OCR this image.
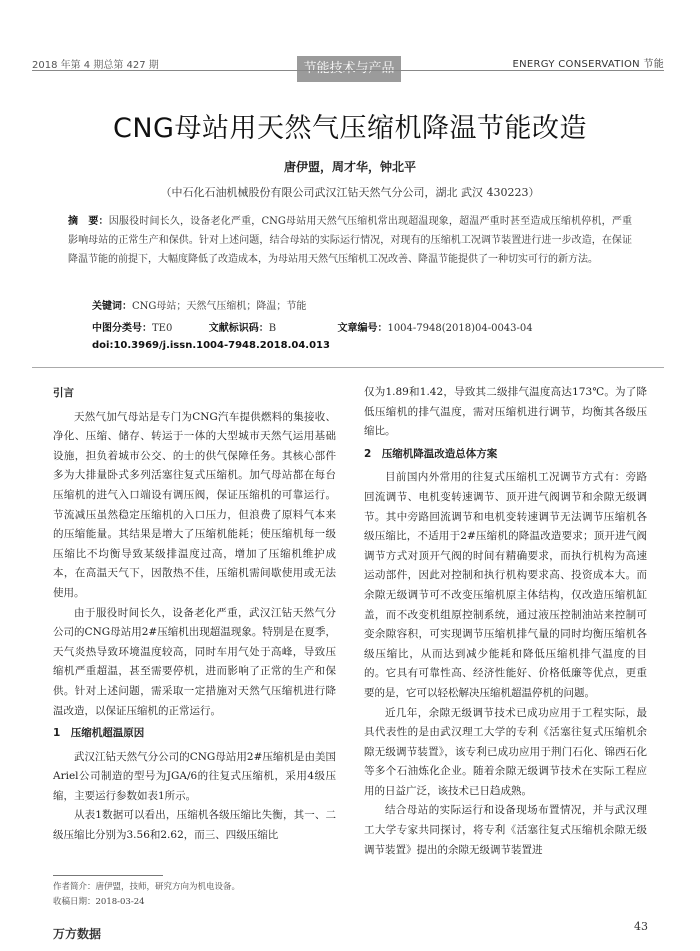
2018 年第 4 期总第 427 期	节能技术与产品	ENERGY CONSERVATION 节能
CNG母站用天然气压缩机降温节能改造
唐伊盟，周才华，钟北平
（中石化石油机械股份有限公司武汉江钻天然气分公司，湖北 武汉 430223）
摘　要：因服役时间长久，设备老化严重，CNG母站用天然气压缩机常出现超温现象，超温严重时甚至造成压缩机停机，严重影响母站的正常生产和保供。针对上述问题，结合母站的实际运行情况，对现有的压缩机工况调节装置进行进一步改造，在保证降温节能的前提下，大幅度降低了改造成本，为母站用天然气压缩机工况改善、降温节能提供了一种切实可行的新方法。
关键词：CNG母站；天然气压缩机；降温；节能
中图分类号：TE0	文献标识码：B	文章编号：1004-7948(2018)04-0043-04
doi:10.3969/j.issn.1004-7948.2018.04.013
引言

天然气加气母站是专门为CNG汽车提供燃料的集接收、净化、压缩、储存、转运于一体的大型城市天然气运用基础设施，担负着城市公交、的士的供气保障任务。其核心部件多为大排量卧式多列活塞往复式压缩机。加气母站都在每台压缩机的进气入口端设有调压阀，保证压缩机的可靠运行。节流减压虽然稳定压缩机的入口压力，但浪费了原料气本来的压缩能量。其结果是增大了压缩机能耗；使压缩机每一级压缩比不均衡导致某级排温度过高，增加了压缩机维护成本，在高温天气下，因散热不佳，压缩机需间歇使用或无法使用。

由于服役时间长久，设备老化严重，武汉江钻天然气分公司的CNG母站用2#压缩机出现超温现象。特别是在夏季，天气炎热导致环境温度较高，同时车用气处于高峰，导致压缩机严重超温，甚至需要停机，进而影响了正常的生产和保供。针对上述问题，需采取一定措施对天然气压缩机进行降温改造，以保证压缩机的正常运行。

1　压缩机超温原因

武汉江钻天然气分公司的CNG母站用2#压缩机是由美国Ariel公司制造的型号为JGA/6的往复式压缩机，采用4级压缩，主要运行参数如表1所示。

从表1数据可以看出，压缩机各级压缩比失衡，其一、二级压缩比分别为3.56和2.62，而三、四级压缩比

仅为1.89和1.42，导致其二级排气温度高达173℃。为了降低压缩机的排气温度，需对压缩机进行调节，均衡其各级压缩比。

2　压缩机降温改造总体方案

目前国内外常用的往复式压缩机工况调节方式有：旁路回流调节、电机变转速调节、顶开进气阀调节和余隙无级调节。其中旁路回流调节和电机变转速调节无法调节压缩机各级压缩比，不适用于2#压缩机的降温改造要求；顶开进气阀调节方式对顶开气阀的时间有精确要求，而执行机构为高速运动部件，因此对控制和执行机构要求高、投资成本大。而余隙无级调节可不改变压缩机原主体结构，仅改造压缩机缸盖，而不改变机组原控制系统，通过液压控制油站来控制可变余隙容积，可实现调节压缩机排气量的同时均衡压缩机各级压缩比，从而达到减少能耗和降低压缩机排气温度的目的。它具有可靠性高、经济性能好、价格低廉等优点，更重要的是，它可以轻松解决压缩机超温停机的问题。

近几年，余隙无级调节技术已成功应用于工程实际，最具代表性的是由武汉理工大学的专利《活塞往复式压缩机余隙无级调节装置》，该专利已成功应用于荆门石化、锦西石化等多个石油炼化企业。随着余隙无级调节技术在实际工程应用的日益广泛，该技术已日趋成熟。

结合母站的实际运行和设备现场布置情况，并与武汉理工大学专家共同探讨，将专利《活塞往复式压缩机余隙无级调节装置》提出的余隙无级调节装置进

作者简介：唐伊盟，技师，研究方向为机电设备。
收稿日期：2018-03-24
万方数据
43
